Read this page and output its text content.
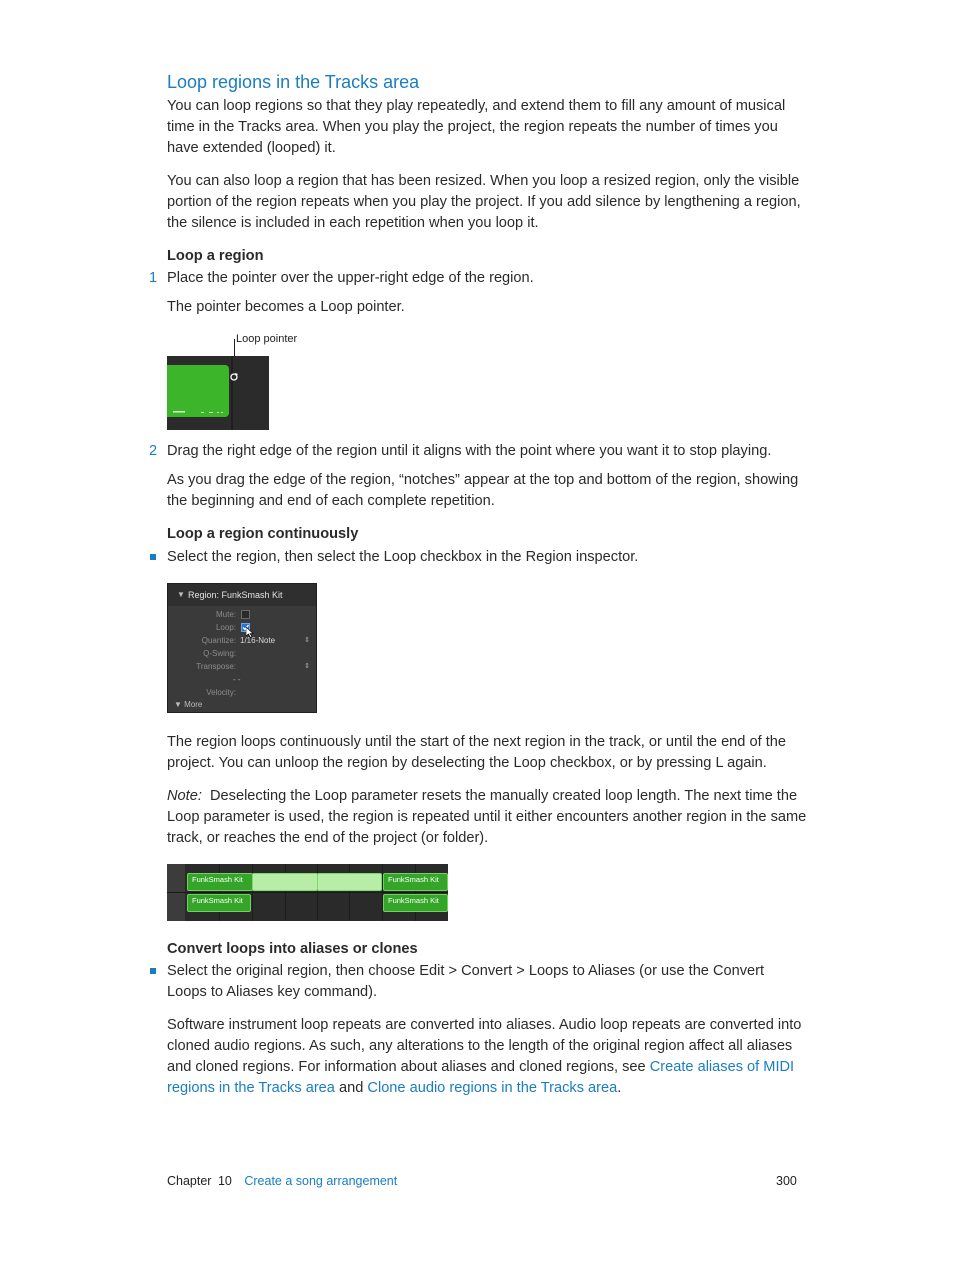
Loop regions in the Tracks area
You can loop regions so that they play repeatedly, and extend them to fill any amount of musical time in the Tracks area. When you play the project, the region repeats the number of times you have extended (looped) it.
You can also loop a region that has been resized. When you loop a resized region, only the visible portion of the region repeats when you play the project. If you add silence by lengthening a region, the silence is included in each repetition when you loop it.
Loop a region
1 Place the pointer over the upper-right edge of the region.
The pointer becomes a Loop pointer.
Loop pointer
2 Drag the right edge of the region until it aligns with the point where you want it to stop playing.
As you drag the edge of the region, “notches” appear at the top and bottom of the region, showing the beginning and end of each complete repetition.
Loop a region continuously
Select the region, then select the Loop checkbox in the Region inspector.
▼ Region: FunkSmash Kit
Mute:
Loop:
Quantize: 1/16-Note	⇕
Q-Swing:
Transpose:	⇕
- -
Velocity:
▼ More
The region loops continuously until the start of the next region in the track, or until the end of the project. You can unloop the region by deselecting the Loop checkbox, or by pressing L again.
Note: Deselecting the Loop parameter resets the manually created loop length. The next time the Loop parameter is used, the region is repeated until it either encounters another region in the same track, or reaches the end of the project (or folder).
FunkSmash Kit	FunkSmash Kit
FunkSmash Kit	FunkSmash Kit
Convert loops into aliases or clones
Select the original region, then choose Edit > Convert > Loops to Aliases (or use the Convert Loops to Aliases key command).
Software instrument loop repeats are converted into aliases. Audio loop repeats are converted into cloned audio regions. As such, any alterations to the length of the original region affect all aliases and cloned regions. For information about aliases and cloned regions, see Create aliases of MIDI regions in the Tracks area and Clone audio regions in the Tracks area.
Chapter 10 Create a song arrangement	300
